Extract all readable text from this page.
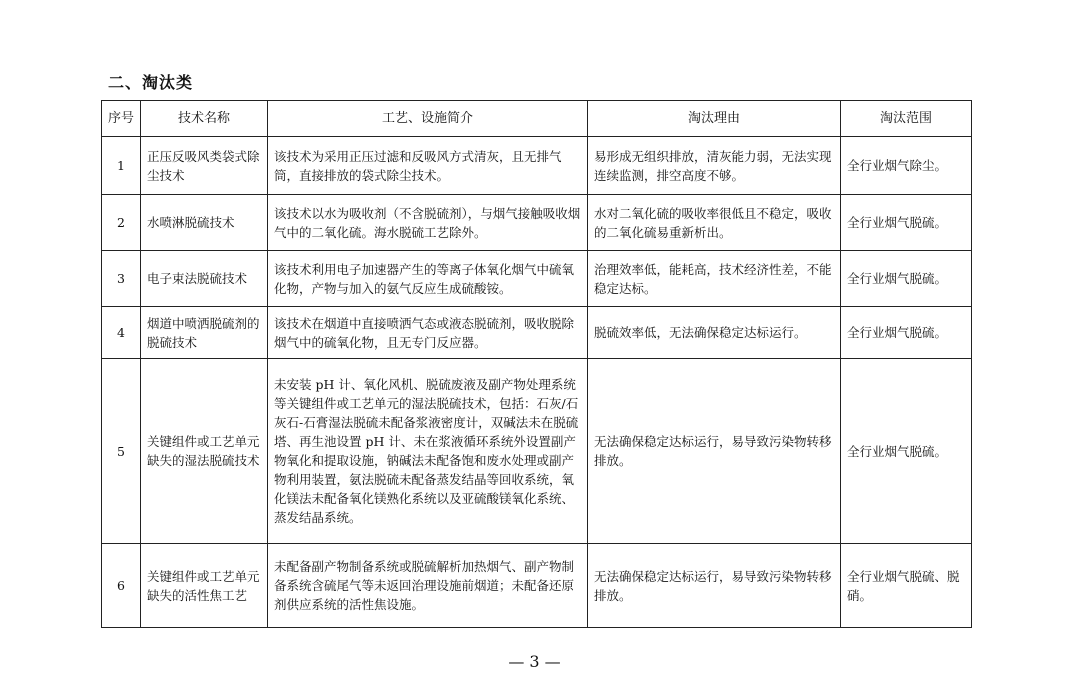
二、淘汰类
序号	技术名称	工艺、设施简介	淘汰理由	淘汰范围
1	正压反吸风类袋式除尘技术	该技术为采用正压过滤和反吸风方式清灰，且无排气筒，直接排放的袋式除尘技术。	易形成无组织排放，清灰能力弱，无法实现连续监测，排空高度不够。	全行业烟气除尘。
2	水喷淋脱硫技术	该技术以水为吸收剂（不含脱硫剂），与烟气接触吸收烟气中的二氧化硫。海水脱硫工艺除外。	水对二氧化硫的吸收率很低且不稳定，吸收的二氧化硫易重新析出。	全行业烟气脱硫。
3	电子束法脱硫技术	该技术利用电子加速器产生的等离子体氧化烟气中硫氧化物，产物与加入的氨气反应生成硫酸铵。	治理效率低，能耗高，技术经济性差，不能稳定达标。	全行业烟气脱硫。
4	烟道中喷洒脱硫剂的脱硫技术	该技术在烟道中直接喷洒气态或液态脱硫剂，吸收脱除烟气中的硫氧化物，且无专门反应器。	脱硫效率低，无法确保稳定达标运行。	全行业烟气脱硫。
5	关键组件或工艺单元缺失的湿法脱硫技术	未安装 pH 计、氧化风机、脱硫废液及副产物处理系统等关键组件或工艺单元的湿法脱硫技术，包括：石灰/石灰石-石膏湿法脱硫未配备浆液密度计，双碱法未在脱硫塔、再生池设置 pH 计、未在浆液循环系统外设置副产物氧化和提取设施，钠碱法未配备饱和废水处理或副产物利用装置，氨法脱硫未配备蒸发结晶等回收系统，氧化镁法未配备氧化镁熟化系统以及亚硫酸镁氧化系统、蒸发结晶系统。	无法确保稳定达标运行，易导致污染物转移排放。	全行业烟气脱硫。
6	关键组件或工艺单元缺失的活性焦工艺	未配备副产物制备系统或脱硫解析加热烟气、副产物制备系统含硫尾气等未返回治理设施前烟道；未配备还原剂供应系统的活性焦设施。	无法确保稳定达标运行，易导致污染物转移排放。	全行业烟气脱硫、脱硝。
— 3 —
